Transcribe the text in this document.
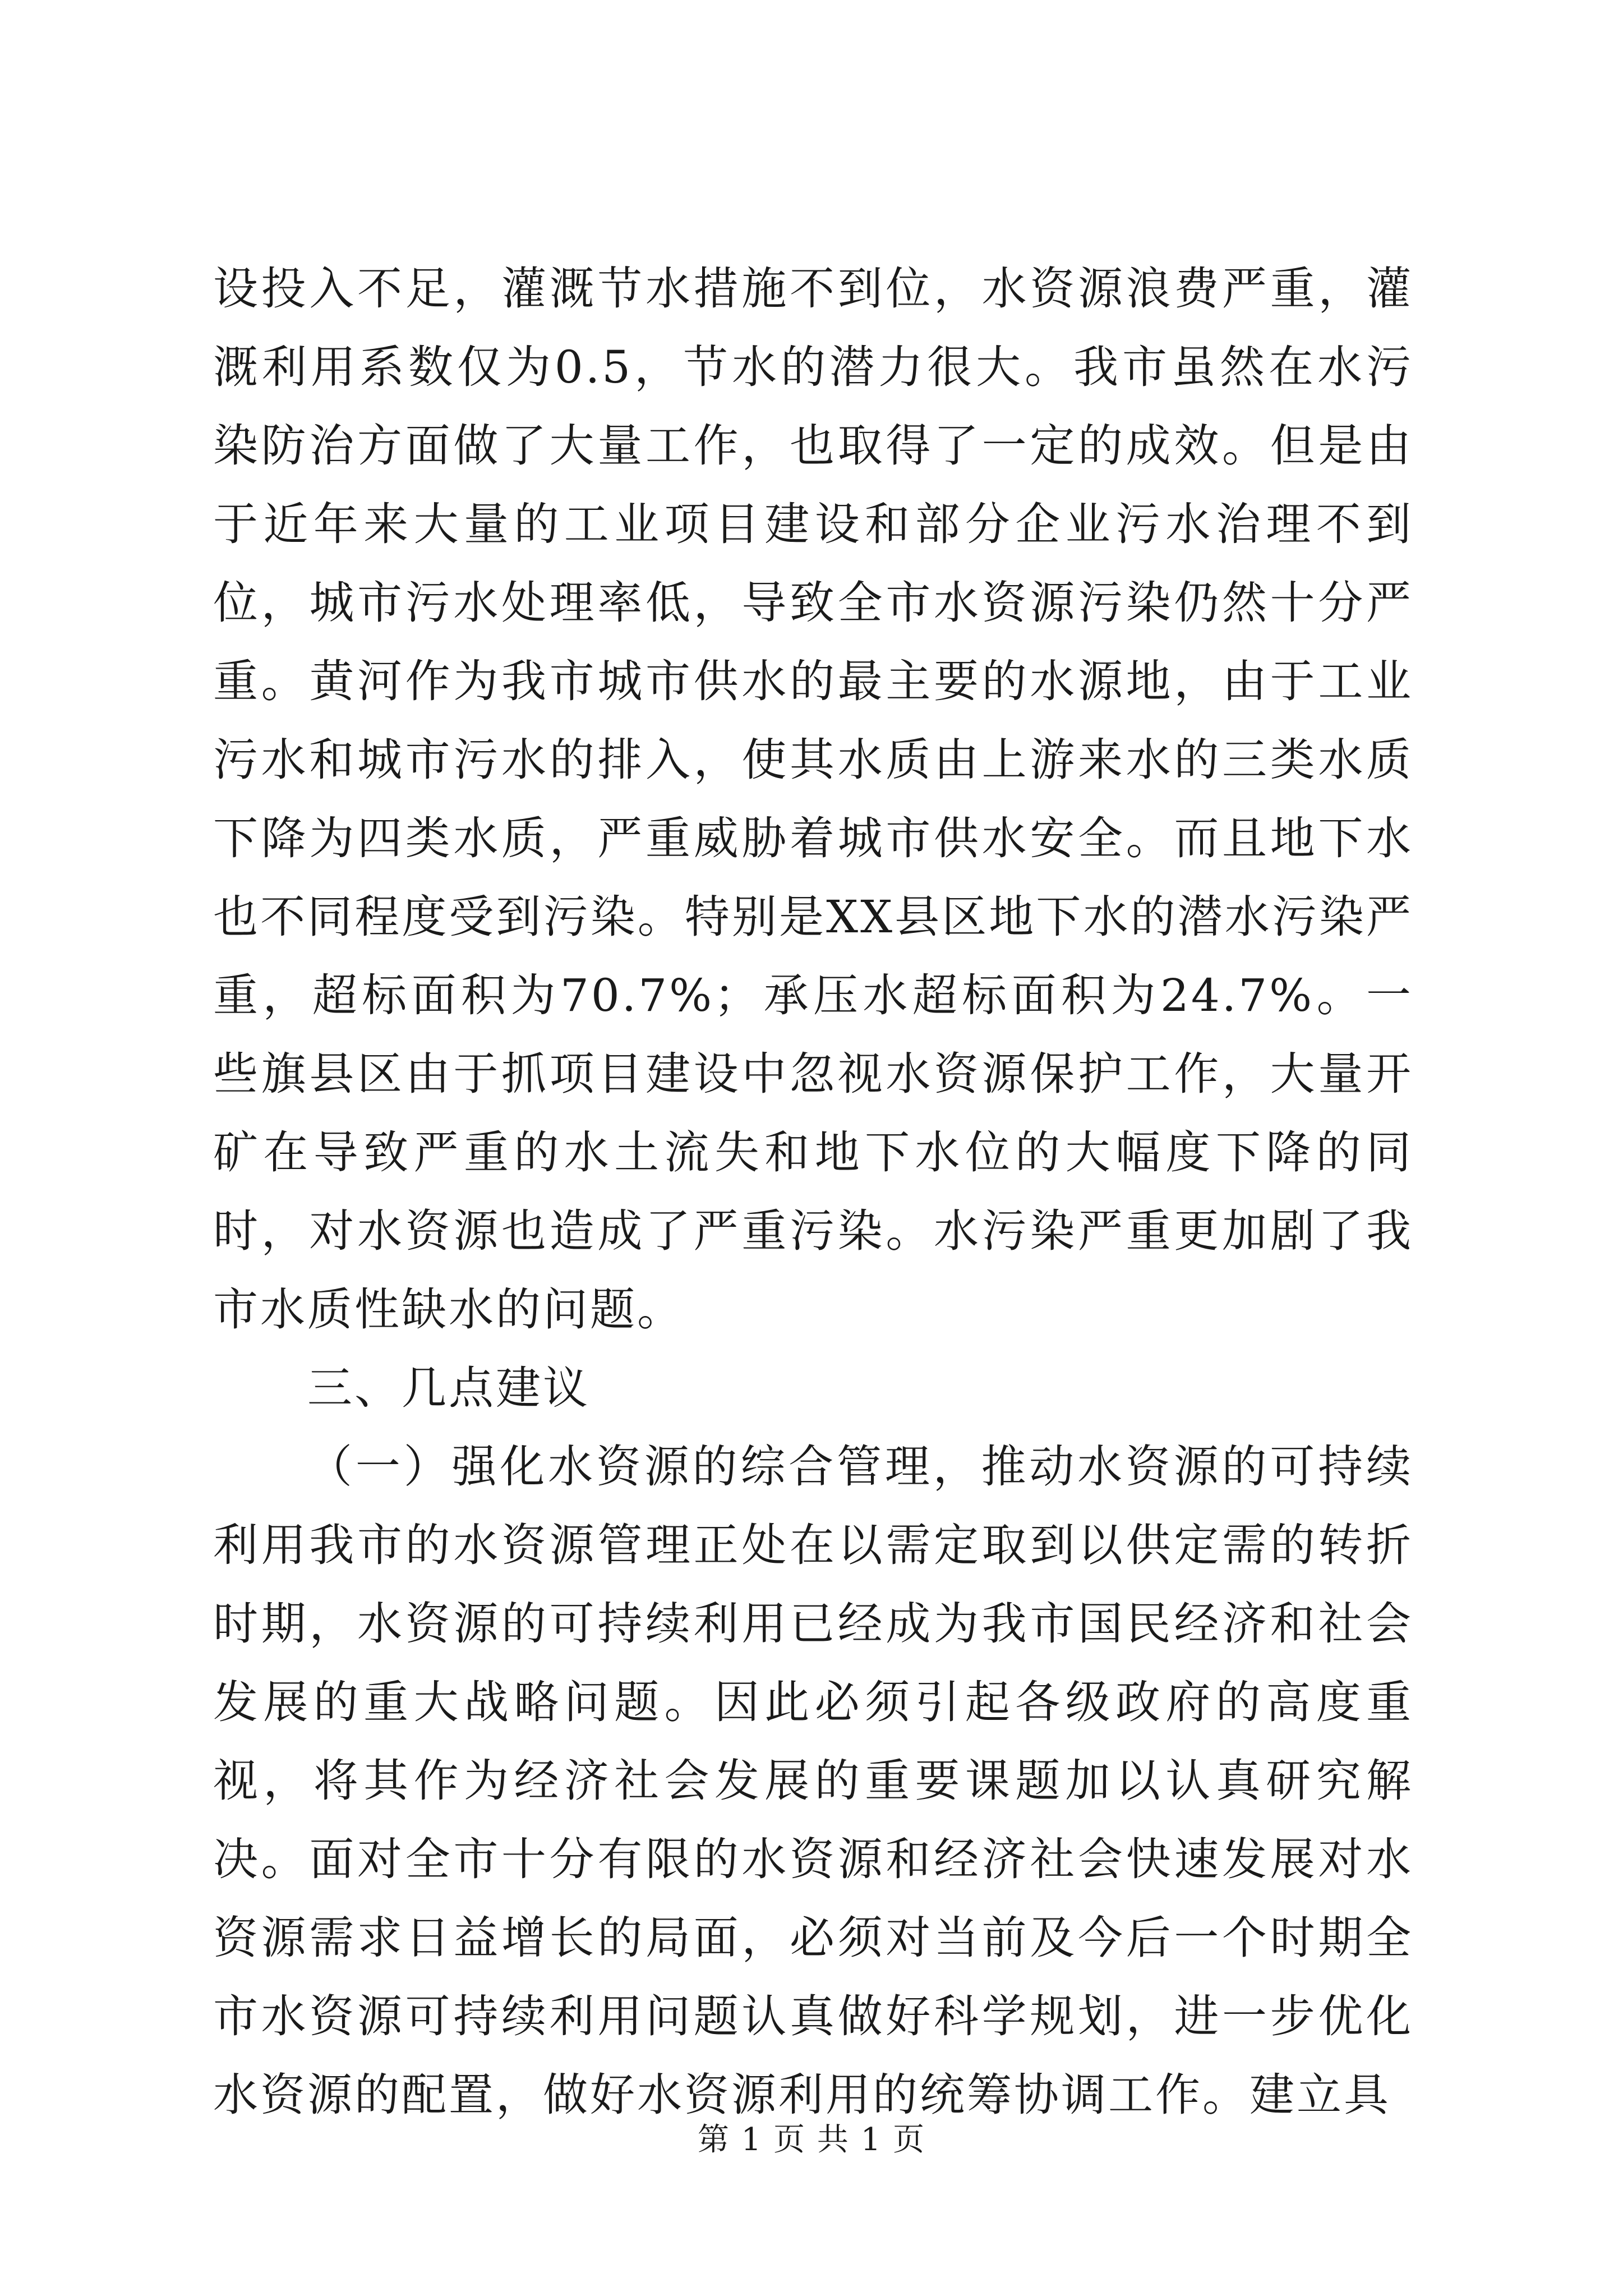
设投入不足，灌溉节水措施不到位，水资源浪费严重，灌溉利用系数仅为0.5，节水的潜力很大。我市虽然在水污染防治方面做了大量工作，也取得了一定的成效。但是由于近年来大量的工业项目建设和部分企业污水治理不到位，城市污水处理率低，导致全市水资源污染仍然十分严重。黄河作为我市城市供水的最主要的水源地，由于工业污水和城市污水的排入，使其水质由上游来水的三类水质下降为四类水质，严重威胁着城市供水安全。而且地下水也不同程度受到污染。特别是XX县区地下水的潜水污染严重，超标面积为70.7%；承压水超标面积为24.7%。一些旗县区由于抓项目建设中忽视水资源保护工作，大量开矿在导致严重的水土流失和地下水位的大幅度下降的同时，对水资源也造成了严重污染。水污染严重更加剧了我市水质性缺水的问题。

三、几点建议

（一）强化水资源的综合管理，推动水资源的可持续利用我市的水资源管理正处在以需定取到以供定需的转折时期，水资源的可持续利用已经成为我市国民经济和社会发展的重大战略问题。因此必须引起各级政府的高度重视，将其作为经济社会发展的重要课题加以认真研究解决。面对全市十分有限的水资源和经济社会快速发展对水资源需求日益增长的局面，必须对当前及今后一个时期全市水资源可持续利用问题认真做好科学规划，进一步优化水资源的配置，做好水资源利用的统筹协调工作。建立具

第 1 页 共 1 页
